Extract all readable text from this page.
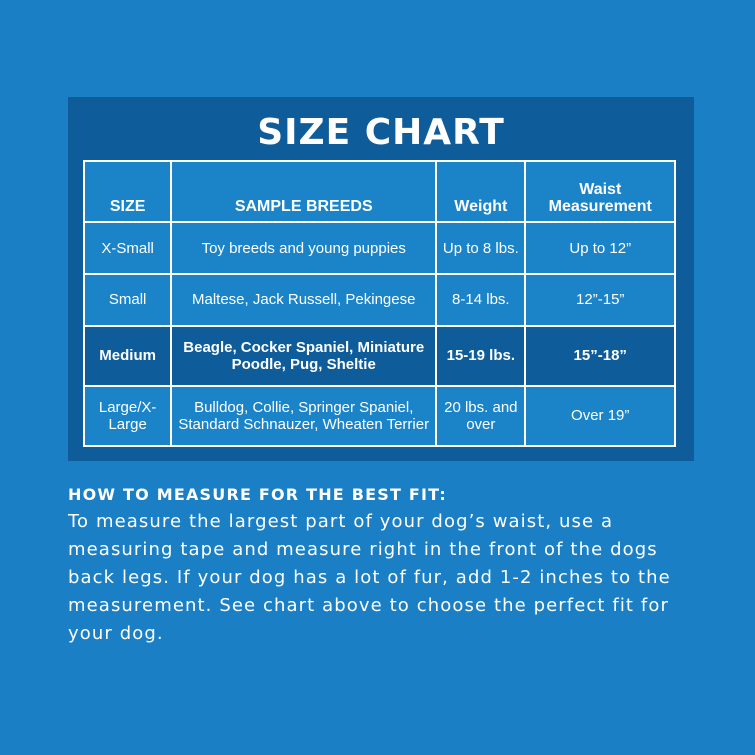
SIZE CHART
SIZE	SAMPLE BREEDS	Weight	Waist Measurement
X-Small	Toy breeds and young puppies	Up to 8 lbs.	Up to 12”
Small	Maltese, Jack Russell, Pekingese	8-14 lbs.	12”-15”
Medium	Beagle, Cocker Spaniel, Miniature Poodle, Pug, Sheltie	15-19 lbs.	15”-18”
Large/X-Large	Bulldog, Collie, Springer Spaniel, Standard Schnauzer, Wheaten Terrier	20 lbs. and over	Over 19”

HOW TO MEASURE FOR THE BEST FIT:

To measure the largest part of your dog’s waist, use a measuring tape and measure right in the front of the dogs back legs. If your dog has a lot of fur, add 1-2 inches to the measurement. See chart above to choose the perfect fit for your dog.
